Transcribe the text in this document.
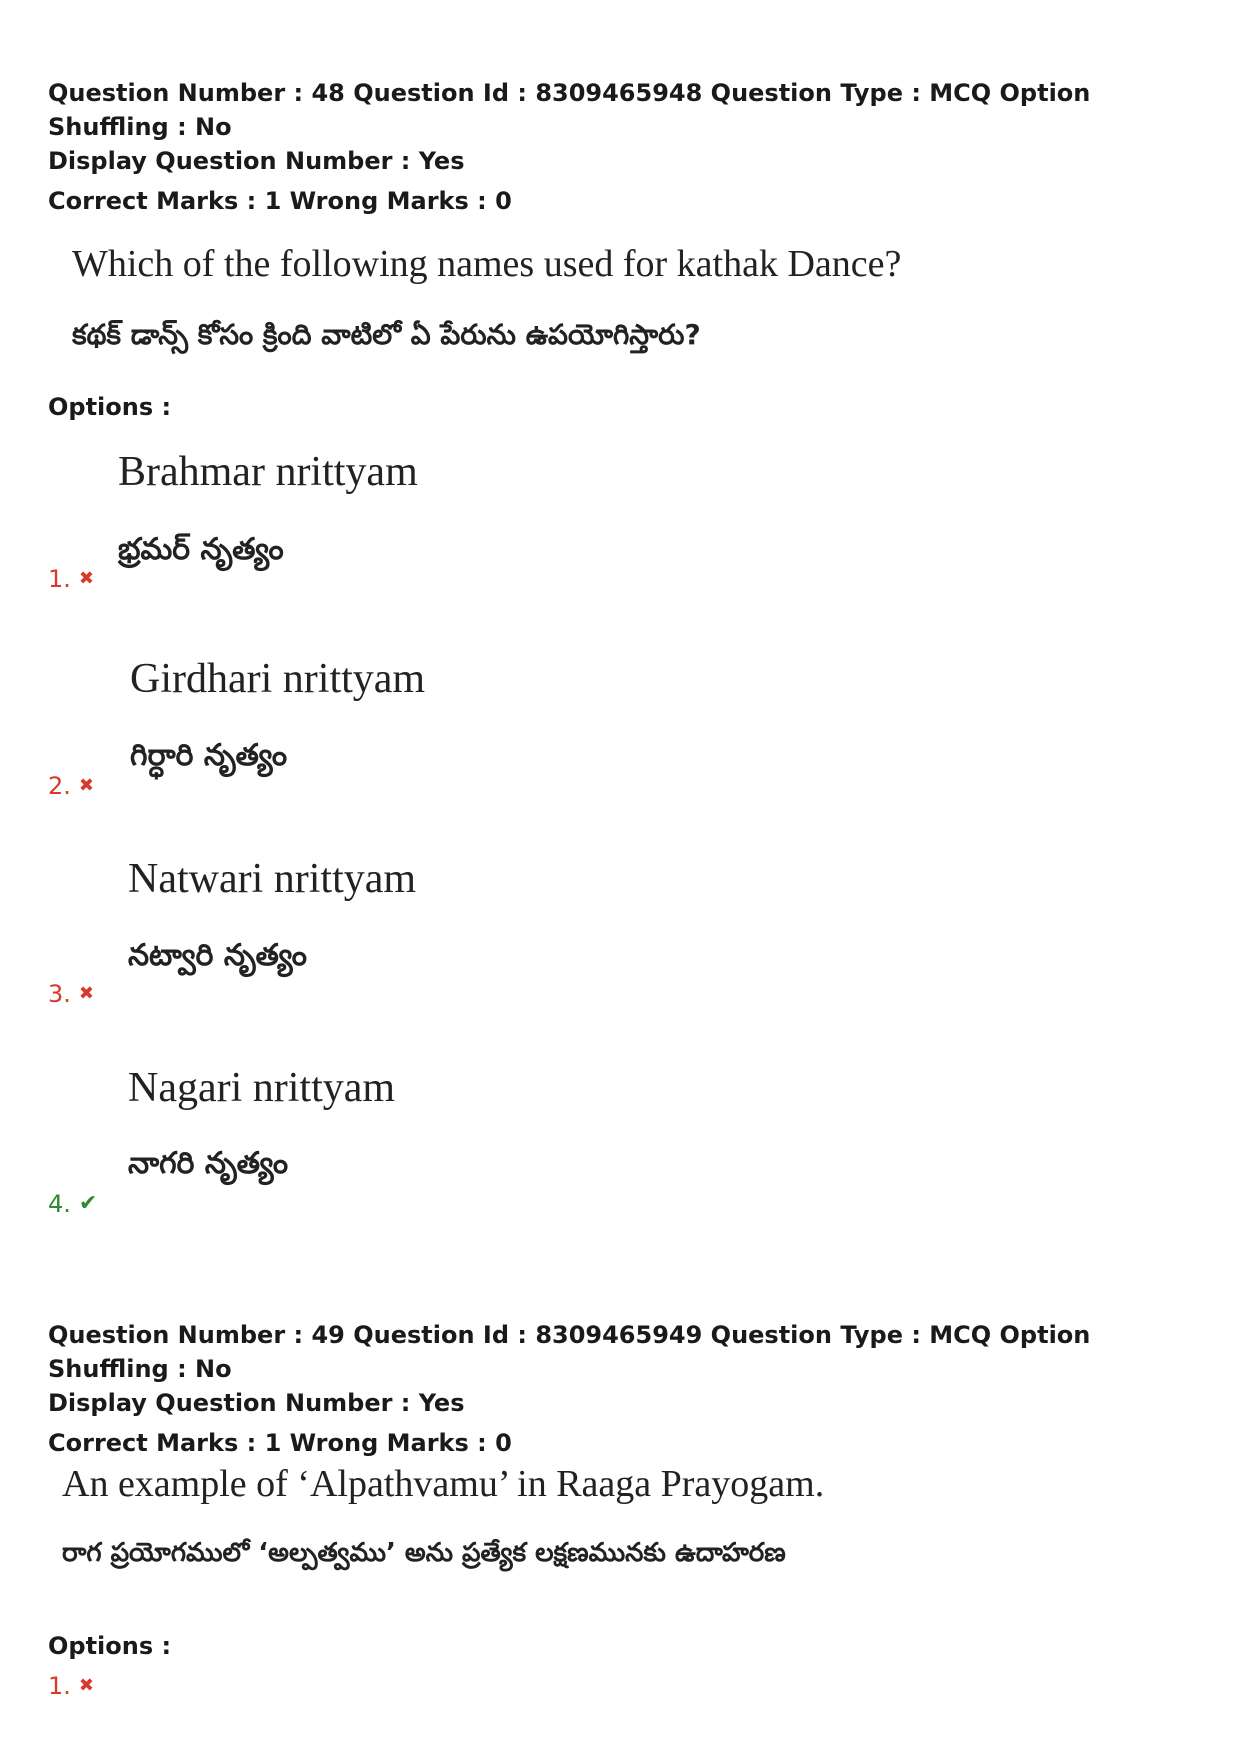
Question Number : 48 Question Id : 8309465948 Question Type : MCQ Option Shuffling : No
Display Question Number : Yes
Correct Marks : 1 Wrong Marks : 0
Which of the following names used for kathak Dance?
కథక్ డాన్స్ కోసం క్రింది వాటిలో ఏ పేరును ఉపయోగిస్తారు?
Options :
Brahmar nrittyam
భ్రమర్ నృత్యం
1. ✖
Girdhari nrittyam
గిర్ధారి నృత్యం
2. ✖
Natwari nrittyam
నట్వారి నృత్యం
3. ✖
Nagari nrittyam
నాగరి నృత్యం
4. ✔
Question Number : 49 Question Id : 8309465949 Question Type : MCQ Option Shuffling : No
Display Question Number : Yes
Correct Marks : 1 Wrong Marks : 0
An example of ‘Alpathvamu’ in Raaga Prayogam.
రాగ ప్రయోగములో ‘అల్పత్వము’ అను ప్రత్యేక లక్షణమునకు ఉదాహరణ
Options :
1. ✖
